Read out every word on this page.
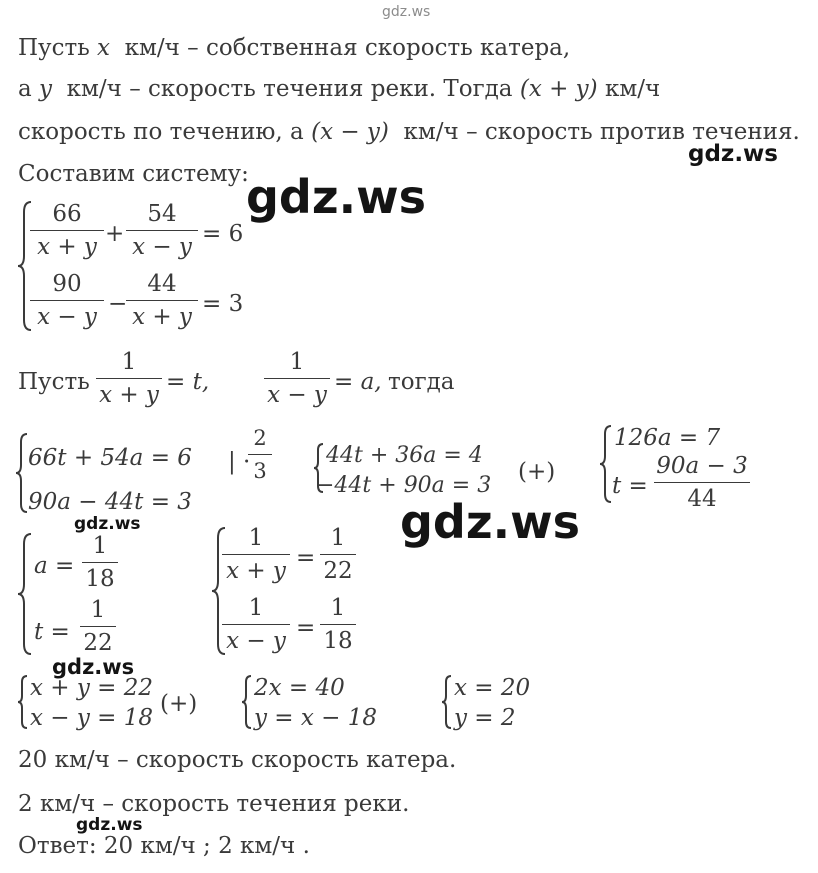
gdz.ws
gdz.ws
gdz.ws
gdz.ws
gdz.ws
gdz.ws
gdz.ws
Пусть x км/ч – собственная скорость катера,
а y км/ч – скорость течения реки. Тогда (x + y) км/ч
скорость по течению, а (x − y) км/ч – скорость против течения.
Составим систему:
66
x + y +
54
x − y = 6
90
x − y −
44
x + y = 3
Пусть
1
x + y = t,
1
x − y = a, тогда
66t + 54a = 6
90a − 44t = 3
| ·
2
3
44t + 36a = 4
−44t + 90a = 3
(+)
126a = 7
t =
90a − 3
44
a =
1
18
t =
1
22
1
x + y =
1
22
1
x − y =
1
18
x + y = 22
x − y = 18
(+)
2x = 40
y = x − 18
x = 20
y = 2
20 км/ч – скорость скорость катера.
2 км/ч – скорость течения реки.
Ответ: 20 км/ч ; 2 км/ч .
